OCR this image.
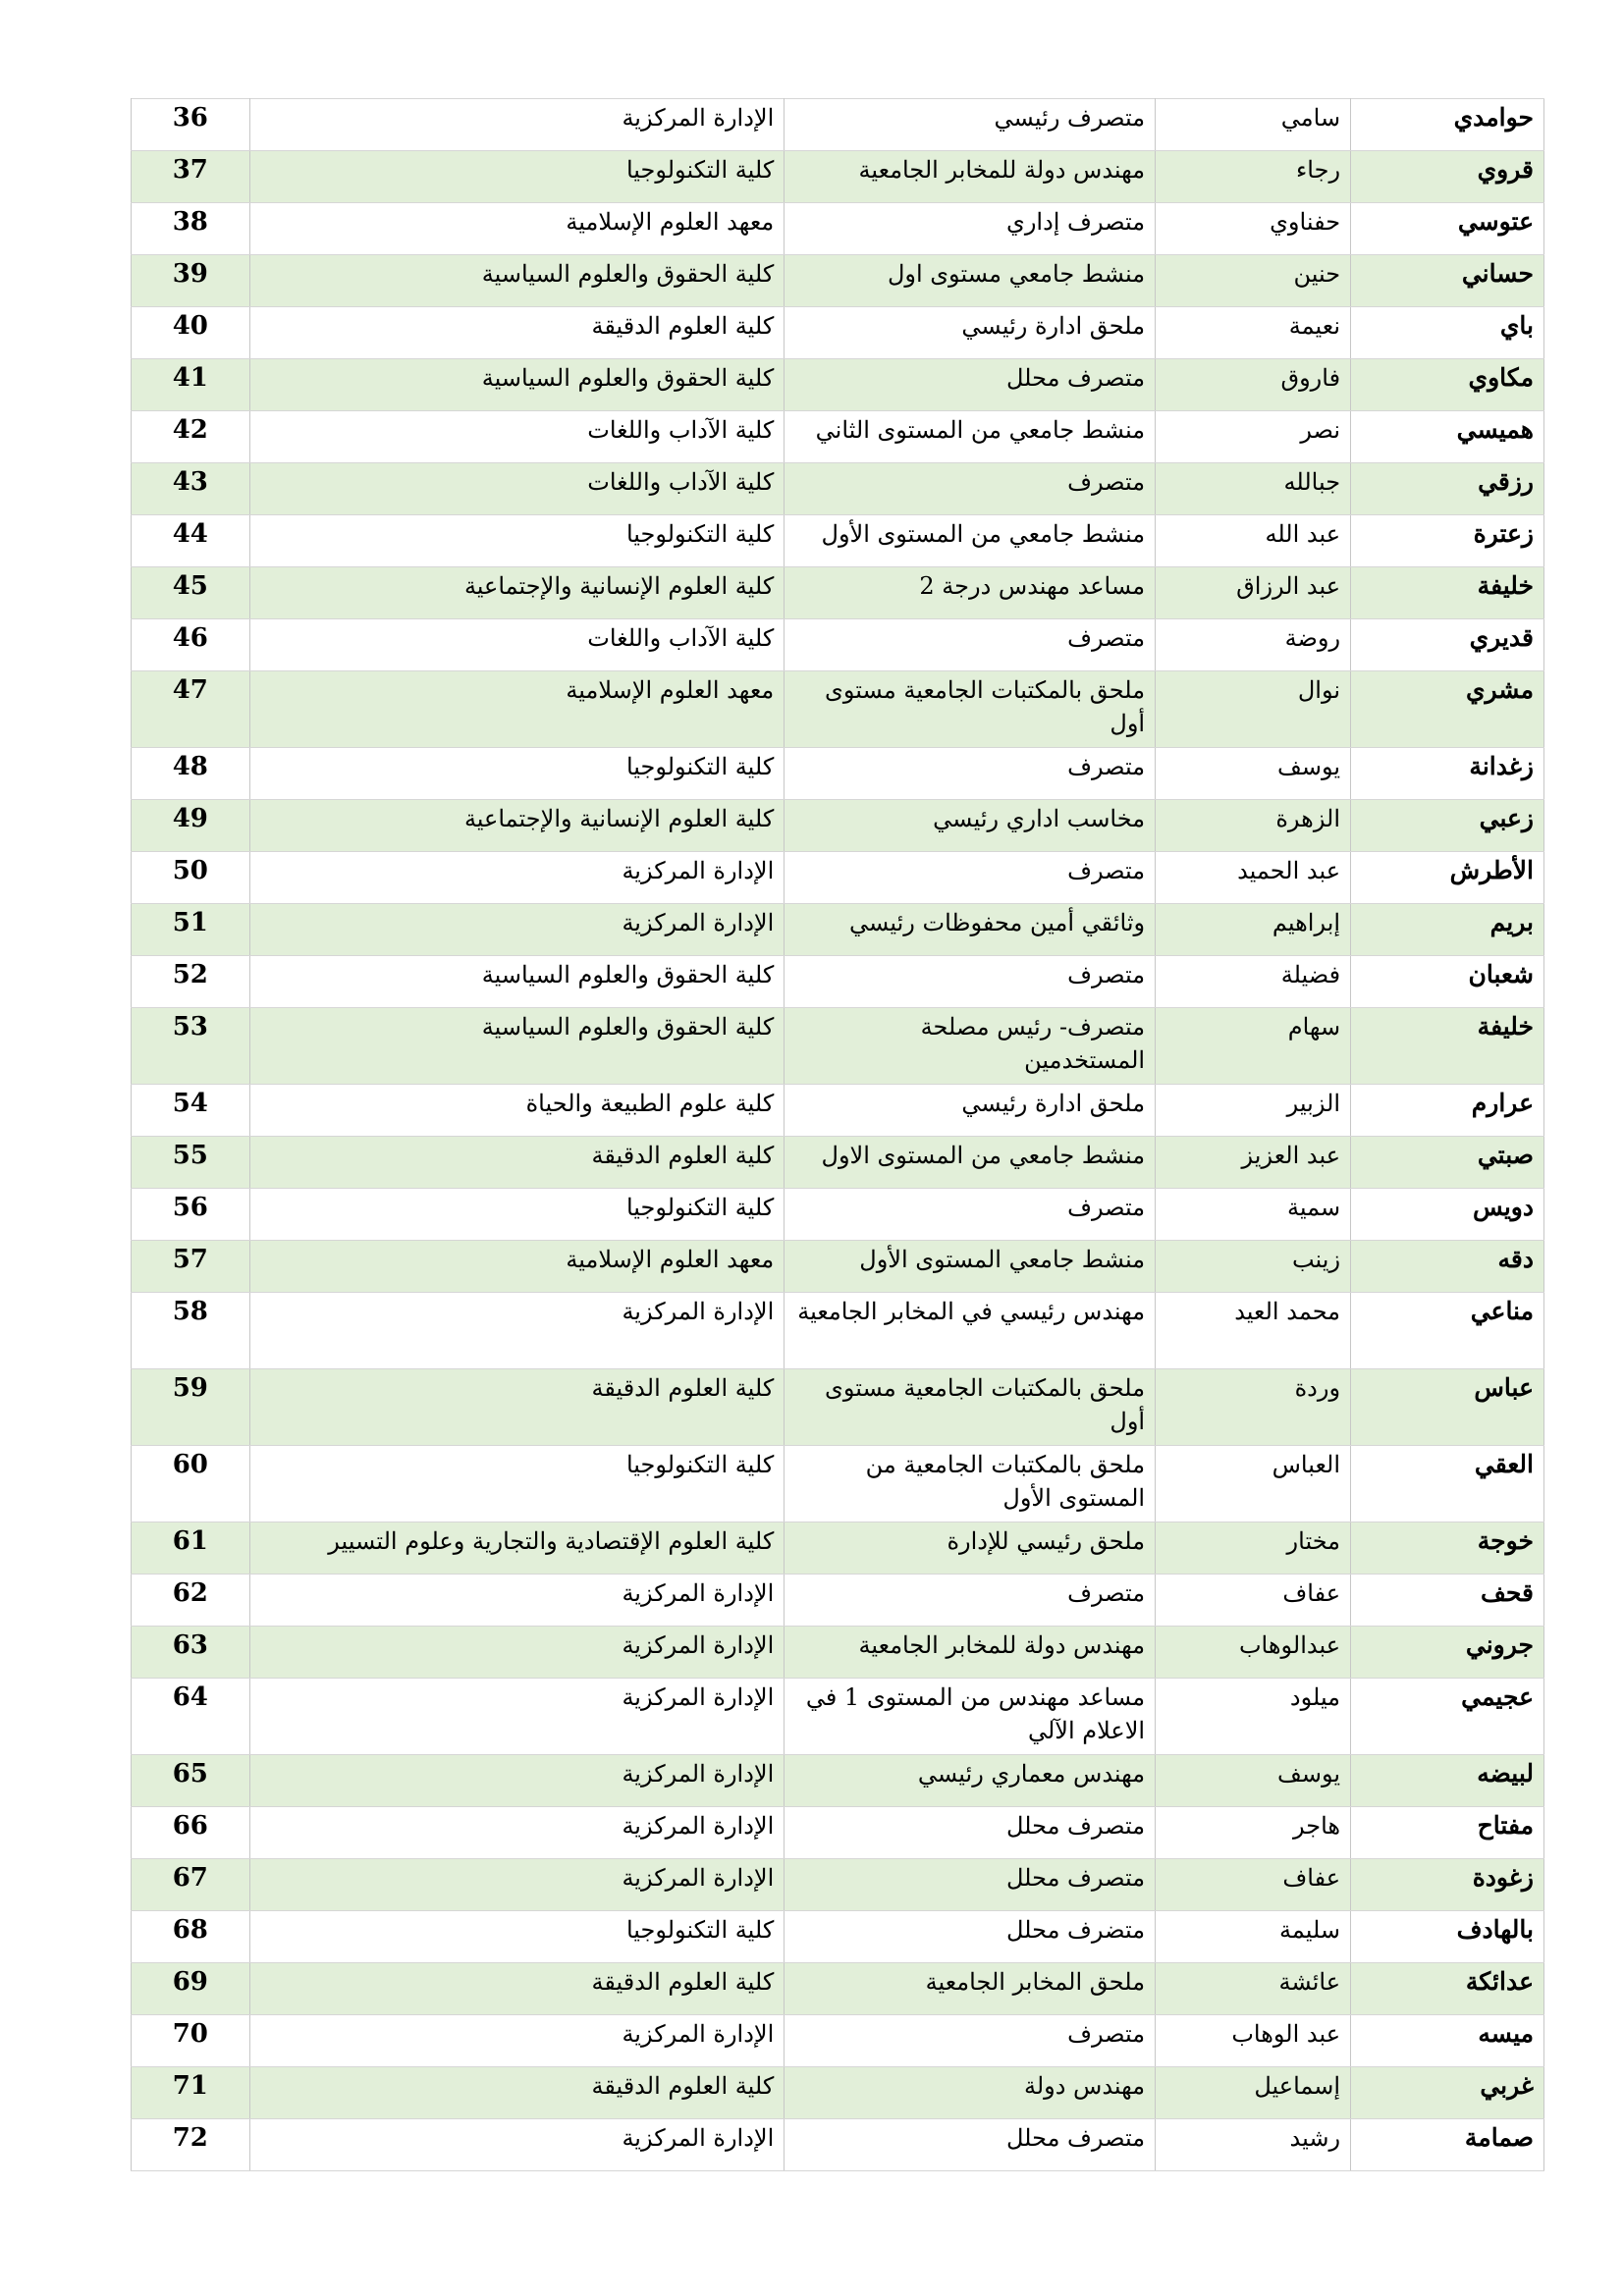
حوامدي	سامي	متصرف رئيسي	الإدارة المركزية	36
قروي	رجاء	مهندس دولة للمخابر الجامعية	كلية التكنولوجيا	37
عتوسي	حفناوي	متصرف إداري	معهد العلوم الإسلامية	38
حساني	حنين	منشط جامعي مستوى اول	كلية الحقوق والعلوم السياسية	39
باي	نعيمة	ملحق ادارة رئيسي	كلية العلوم الدقيقة	40
مكاوي	فاروق	متصرف محلل	كلية الحقوق والعلوم السياسية	41
هميسي	نصر	منشط جامعي من المستوى الثاني	كلية الآداب واللغات	42
رزقي	جبالله	متصرف	كلية الآداب واللغات	43
زعترة	عبد الله	منشط جامعي من المستوى الأول	كلية التكنولوجيا	44
خليفة	عبد الرزاق	مساعد مهندس درجة 2	كلية العلوم الإنسانية والإجتماعية	45
قديري	روضة	متصرف	كلية الآداب واللغات	46
مشري	نوال	ملحق بالمكتبات الجامعية مستوى أول	معهد العلوم الإسلامية	47
زغدانة	يوسف	متصرف	كلية التكنولوجيا	48
زعبي	الزهرة	مخاسب اداري رئيسي	كلية العلوم الإنسانية والإجتماعية	49
الأطرش	عبد الحميد	متصرف	الإدارة المركزية	50
بريم	إبراهيم	وثائقي أمين محفوظات رئيسي	الإدارة المركزية	51
شعبان	فضيلة	متصرف	كلية الحقوق والعلوم السياسية	52
خليفة	سهام	متصرف- رئيس مصلحة المستخدمين	كلية الحقوق والعلوم السياسية	53
عرارم	الزبير	ملحق ادارة رئيسي	كلية علوم الطبيعة والحياة	54
صبتي	عبد العزيز	منشط جامعي من المستوى الاول	كلية العلوم الدقيقة	55
دويس	سمية	متصرف	كلية التكنولوجيا	56
دقه	زينب	منشط جامعي المستوى الأول	معهد العلوم الإسلامية	57
مناعي	محمد العيد	مهندس رئيسي في المخابر الجامعية	الإدارة المركزية	58
عباس	وردة	ملحق بالمكتبات الجامعية مستوى أول	كلية العلوم الدقيقة	59
العقي	العباس	ملحق بالمكتبات الجامعية من المستوى الأول	كلية التكنولوجيا	60
خوجة	مختار	ملحق رئيسي للإدارة	كلية العلوم الإقتصادية والتجارية وعلوم التسيير	61
قحف	عفاف	متصرف	الإدارة المركزية	62
جروني	عبدالوهاب	مهندس دولة للمخابر الجامعية	الإدارة المركزية	63
عجيمي	ميلود	مساعد مهندس من المستوى 1 في الاعلام الآلي	الإدارة المركزية	64
لبيضه	يوسف	مهندس معماري رئيسي	الإدارة المركزية	65
مفتاح	هاجر	متصرف محلل	الإدارة المركزية	66
زغودة	عفاف	متصرف محلل	الإدارة المركزية	67
بالهادف	سليمة	متضرف محلل	كلية التكنولوجيا	68
عدائكة	عائشة	ملحق المخابر الجامعية	كلية العلوم الدقيقة	69
ميسه	عبد الوهاب	متصرف	الإدارة المركزية	70
غربي	إسماعيل	مهندس دولة	كلية العلوم الدقيقة	71
صمامة	رشيد	متصرف محلل	الإدارة المركزية	72
